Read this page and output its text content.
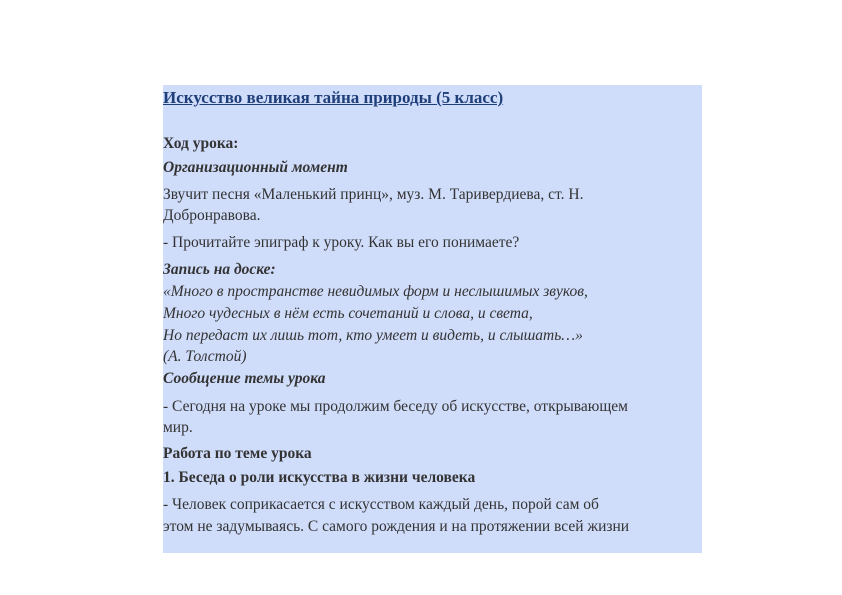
Искусство великая тайна природы (5 класс)
Ход урока:
Организационный момент
Звучит песня «Маленький принц», муз. М. Таривердиева, ст. Н.
Добронравова.
- Прочитайте эпиграф к уроку. Как вы его понимаете?
Запись на доске:
«Много в пространстве невидимых форм и неслышимых звуков,
Много чудесных в нём есть сочетаний и слова, и света,
Но передаст их лишь тот, кто умеет и видеть, и слышать…»
(А. Толстой)
Сообщение темы урока
- Сегодня на уроке мы продолжим беседу об искусстве, открывающем
мир.
Работа по теме урока
1. Беседа о роли искусства в жизни человека
- Человек соприкасается с искусством каждый день, порой сам об
этом не задумываясь. С самого рождения и на протяжении всей жизни
